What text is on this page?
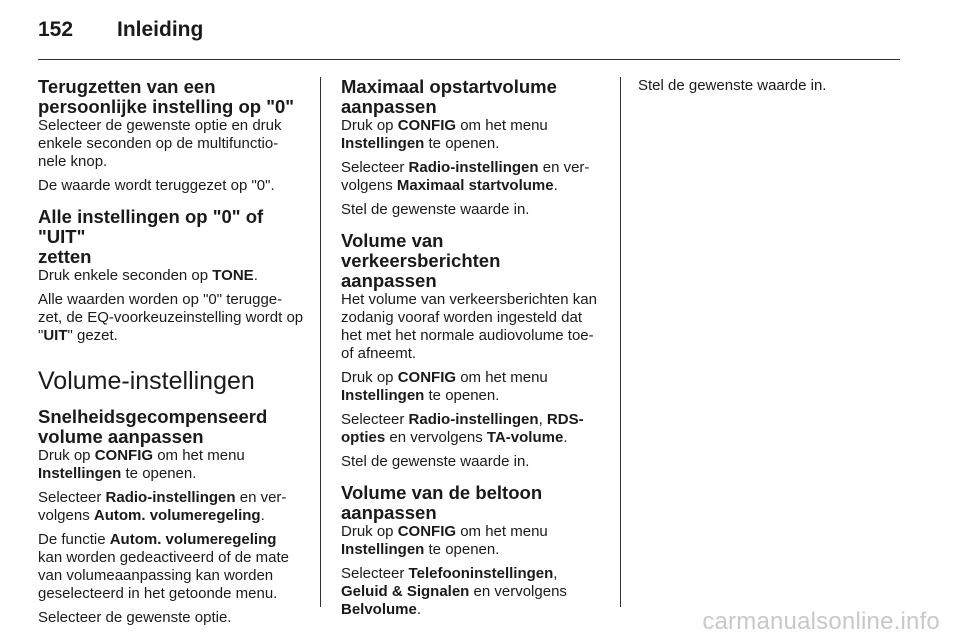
152	Inleiding
Terugzetten van een
persoonlijke instelling op "0"

Selecteer de gewenste optie en druk enkele seconden op de multifunctio-nele knop.

De waarde wordt teruggezet op "0".

Alle instellingen op "0" of "UIT"
zetten

Druk enkele seconden op TONE.

Alle waarden worden op "0" terugge-zet, de EQ-voorkeuzeinstelling wordt op "UIT" gezet.

Volume-instellingen
Snelheidsgecompenseerd
volume aanpassen

Druk op CONFIG om het menu Instellingen te openen.

Selecteer Radio-instellingen en ver-volgens Autom. volumeregeling.

De functie Autom. volumeregeling kan worden gedeactiveerd of de mate van volumeaanpassing kan worden geselecteerd in het getoonde menu.

Selecteer de gewenste optie.

Maximaal opstartvolume
aanpassen

Druk op CONFIG om het menu Instellingen te openen.

Selecteer Radio-instellingen en ver-volgens Maximaal startvolume.

Stel de gewenste waarde in.

Volume van verkeersberichten
aanpassen

Het volume van verkeersberichten kan zodanig vooraf worden ingesteld dat het met het normale audiovolume toe- of afneemt.

Druk op CONFIG om het menu Instellingen te openen.

Selecteer Radio-instellingen, RDS-opties en vervolgens TA-volume.

Stel de gewenste waarde in.

Volume van de beltoon
aanpassen

Druk op CONFIG om het menu Instellingen te openen.

Selecteer Telefooninstellingen, Geluid & Signalen en vervolgens Belvolume.

Stel de gewenste waarde in.

carmanualsonline.info
